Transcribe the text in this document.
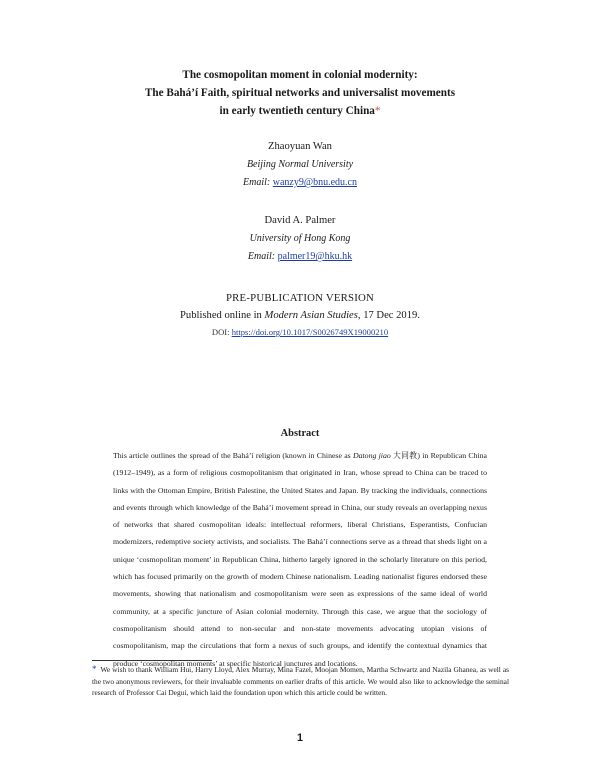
The cosmopolitan moment in colonial modernity:
The Bahá’í Faith, spiritual networks and universalist movements
in early twentieth century China*
Zhaoyuan Wan
Beijing Normal University
Email: wanzy9@bnu.edu.cn
David A. Palmer
University of Hong Kong
Email: palmer19@hku.hk
PRE-PUBLICATION VERSION
Published online in Modern Asian Studies, 17 Dec 2019.
DOI: https://doi.org/10.1017/S0026749X19000210
Abstract

This article outlines the spread of the Bahá’í religion (known in Chinese as Datong jiao 大同教) in Republican China (1912–1949), as a form of religious cosmopolitanism that originated in Iran, whose spread to China can be traced to links with the Ottoman Empire, British Palestine, the United States and Japan. By tracking the individuals, connections and events through which knowledge of the Bahá’í movement spread in China, our study reveals an overlapping nexus of networks that shared cosmopolitan ideals: intellectual reformers, liberal Christians, Esperantists, Confucian modernizers, redemptive society activists, and socialists. The Bahá’í connections serve as a thread that sheds light on a unique ‘cosmopolitan moment’ in Republican China, hitherto largely ignored in the scholarly literature on this period, which has focused primarily on the growth of modern Chinese nationalism. Leading nationalist figures endorsed these movements, showing that nationalism and cosmopolitanism were seen as expressions of the same ideal of world community, at a specific juncture of Asian colonial modernity. Through this case, we argue that the sociology of cosmopolitanism should attend to non-secular and non-state movements advocating utopian visions of cosmopolitanism, map the circulations that form a nexus of such groups, and identify the contextual dynamics that produce ‘cosmopolitan moments’ at specific historical junctures and locations.

* We wish to thank William Hui, Harry Lloyd, Alex Murray, Mina Fazel, Moojan Momen, Martha Schwartz and Nazila Ghanea, as well as the two anonymous reviewers, for their invaluable comments on earlier drafts of this article. We would also like to acknowledge the seminal research of Professor Cai Degui, which laid the foundation upon which this article could be written.

1
